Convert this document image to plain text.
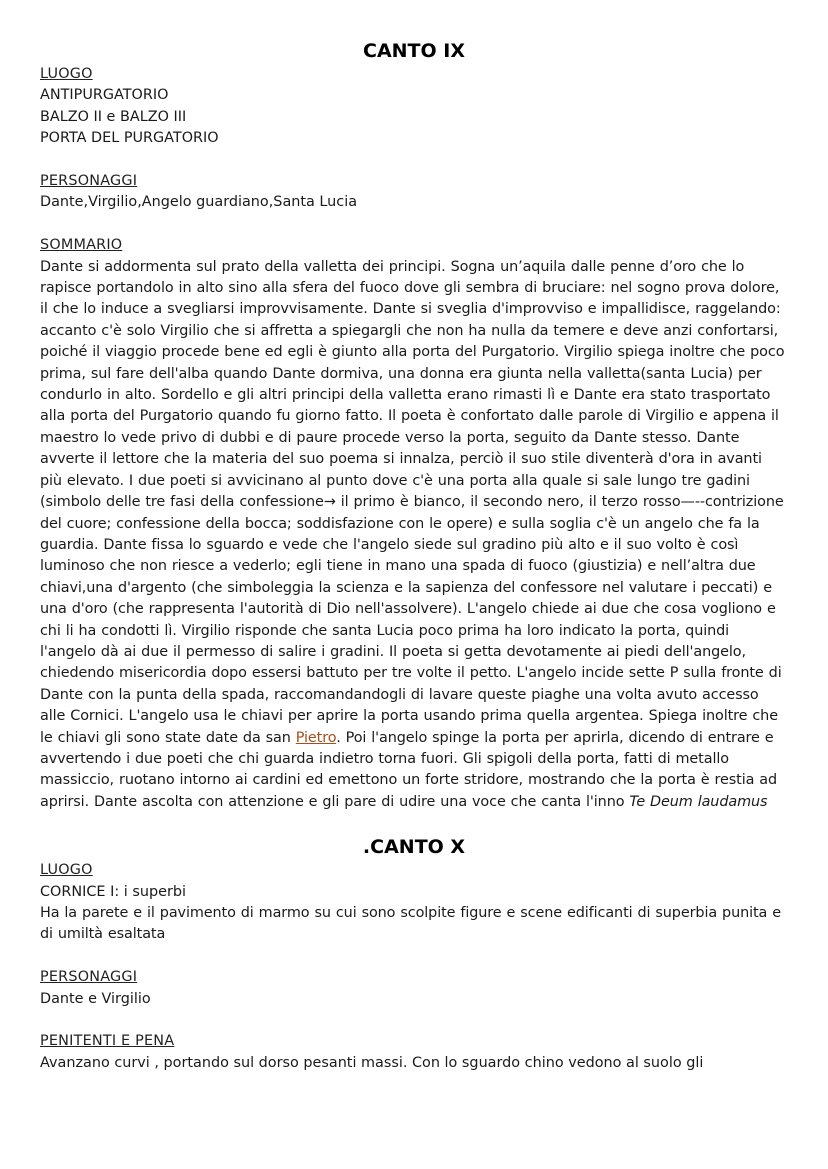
CANTO IX
LUOGO
ANTIPURGATORIO
BALZO II e BALZO III
PORTA DEL PURGATORIO
PERSONAGGI
Dante,Virgilio,Angelo guardiano,Santa Lucia
SOMMARIO

Dante si addormenta sul prato della valletta dei principi. Sogna un’aquila dalle penne d’oro che lo rapisce portandolo in alto sino alla sfera del fuoco dove gli sembra di bruciare: nel sogno prova dolore, il che lo induce a svegliarsi improvvisamente. Dante si sveglia d'improvviso e impallidisce, raggelando: accanto c'è solo Virgilio che si affretta a spiegargli che non ha nulla da temere e deve anzi confortarsi, poiché il viaggio procede bene ed egli è giunto alla porta del Purgatorio. Virgilio spiega inoltre che poco prima, sul fare dell'alba quando Dante dormiva, una donna era giunta nella valletta(santa Lucia) per condurlo in alto. Sordello e gli altri principi della valletta erano rimasti lì e Dante era stato trasportato alla porta del Purgatorio quando fu giorno fatto. Il poeta è confortato dalle parole di Virgilio e appena il maestro lo vede privo di dubbi e di paure procede verso la porta, seguito da Dante stesso. Dante avverte il lettore che la materia del suo poema si innalza, perciò il suo stile diventerà d'ora in avanti più elevato. I due poeti si avvicinano al punto dove c'è una porta alla quale si sale lungo tre gadini (simbolo delle tre fasi della confessione→ il primo è bianco, il secondo nero, il terzo rosso—--contrizione del cuore; confessione della bocca; soddisfazione con le opere) e sulla soglia c'è un angelo che fa la guardia. Dante fissa lo sguardo e vede che l'angelo siede sul gradino più alto e il suo volto è così luminoso che non riesce a vederlo; egli tiene in mano una spada di fuoco (giustizia) e nell’altra due chiavi,una d'argento (che simboleggia la scienza e la sapienza del confessore nel valutare i peccati) e una d'oro (che rappresenta l'autorità di Dio nell'assolvere). L'angelo chiede ai due che cosa vogliono e chi li ha condotti lì. Virgilio risponde che santa Lucia poco prima ha loro indicato la porta, quindi l'angelo dà ai due il permesso di salire i gradini. Il poeta si getta devotamente ai piedi dell'angelo, chiedendo misericordia dopo essersi battuto per tre volte il petto. L'angelo incide sette P sulla fronte di Dante con la punta della spada, raccomandandogli di lavare queste piaghe una volta avuto accesso alle Cornici. L'angelo usa le chiavi per aprire la porta usando prima quella argentea. Spiega inoltre che le chiavi gli sono state date da san Pietro. Poi l'angelo spinge la porta per aprirla, dicendo di entrare e avvertendo i due poeti che chi guarda indietro torna fuori. Gli spigoli della porta, fatti di metallo massiccio, ruotano intorno ai cardini ed emettono un forte stridore, mostrando che la porta è restia ad aprirsi. Dante ascolta con attenzione e gli pare di udire una voce che canta l'inno Te Deum laudamus

.CANTO X
LUOGO
CORNICE I: i superbi
Ha la parete e il pavimento di marmo su cui sono scolpite figure e scene edificanti di superbia punita e di umiltà esaltata
PERSONAGGI
Dante e Virgilio
PENITENTI E PENA
Avanzano curvi , portando sul dorso pesanti massi. Con lo sguardo chino vedono al suolo gli
